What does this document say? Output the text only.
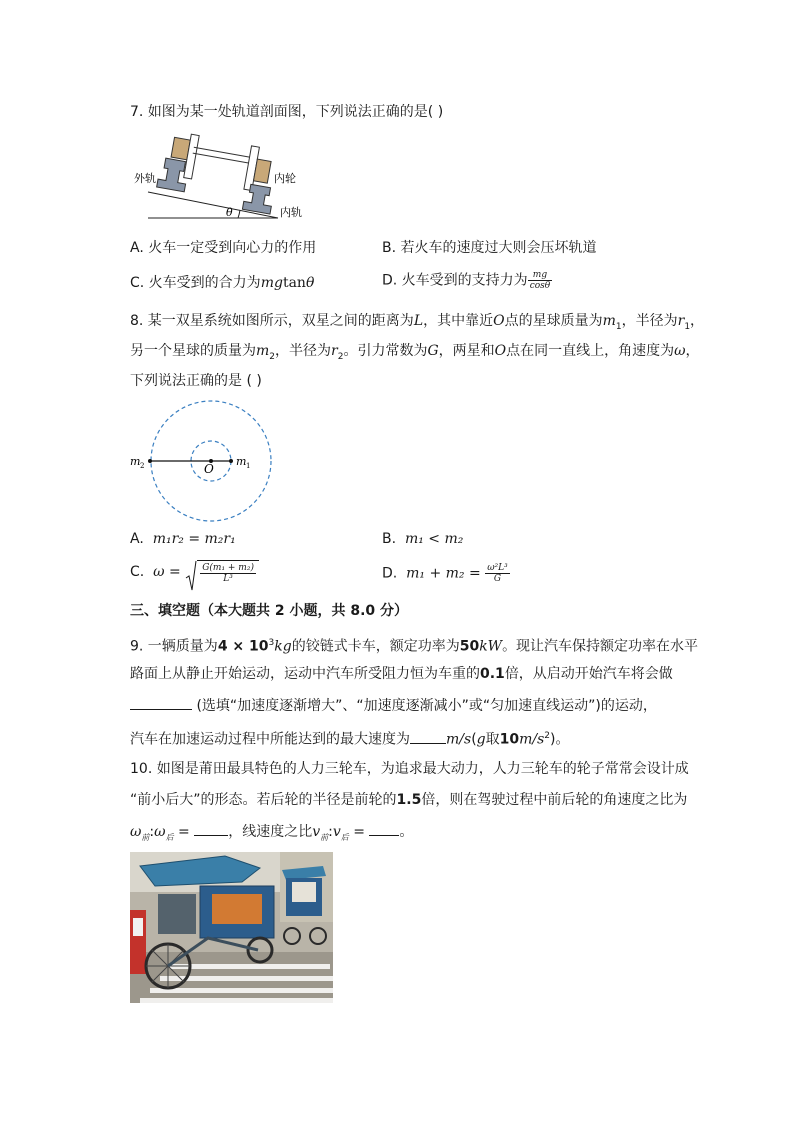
7. 如图为某一处轨道剖面图，下列说法正确的是( )
外轨	内轮
内轨
θ
A. 火车一定受到向心力的作用	B. 若火车的速度过大则会压坏轨道
C. 火车受到的合力为mgtanθ	D. 火车受到的支持力为 $\frac{mg}{\cos\theta}$
8. 某一双星系统如图所示，双星之间的距离为L，其中靠近O点的星球质量为$m_1$，半径为$r_1$，
另一个星球的质量为$m_2$，半径为$r_2$。引力常数为G，两星和O点在同一直线上，角速度为ω，
下列说法正确的是 ( )
m 2	O
m 1
A. m₁r₂ = m₂r₁	B. m₁ < m₂
C. $\omega = \frac{\text{G(m₁ + m₂)}}{\text{L³}}$	D. $m_1 + m_2 = \frac{\text{ω²L³}}{G}$
三、填空题（本大题共 2 小题，共 8.0 分）
9. 一辆质量为$4 \times 10^3kg$的铰链式卡车，额定功率为50kW。现让汽车保持额定功率在水平
路面上从静止开始运动，运动中汽车所受阻力恒为车重的0.1倍，从启动开始汽车将会做
(选填“加速度逐渐增大”、“加速度逐渐减小”或“匀加速直线运动”)的运动，
汽车在加速运动过程中所能达到的最大速度为	m/s(g取$10m/s^2$)。
10. 如图是莆田最具特色的人力三轮车，为追求最大动力，人力三轮车的轮子常常会设计成
“前小后大”的形态。若后轮的半径是前轮的1.5倍，则在驾驶过程中前后轮的角速度之比为
$\omega_前:\omega_后$ = ，线速度之比$v_前:v_后$ = 。
